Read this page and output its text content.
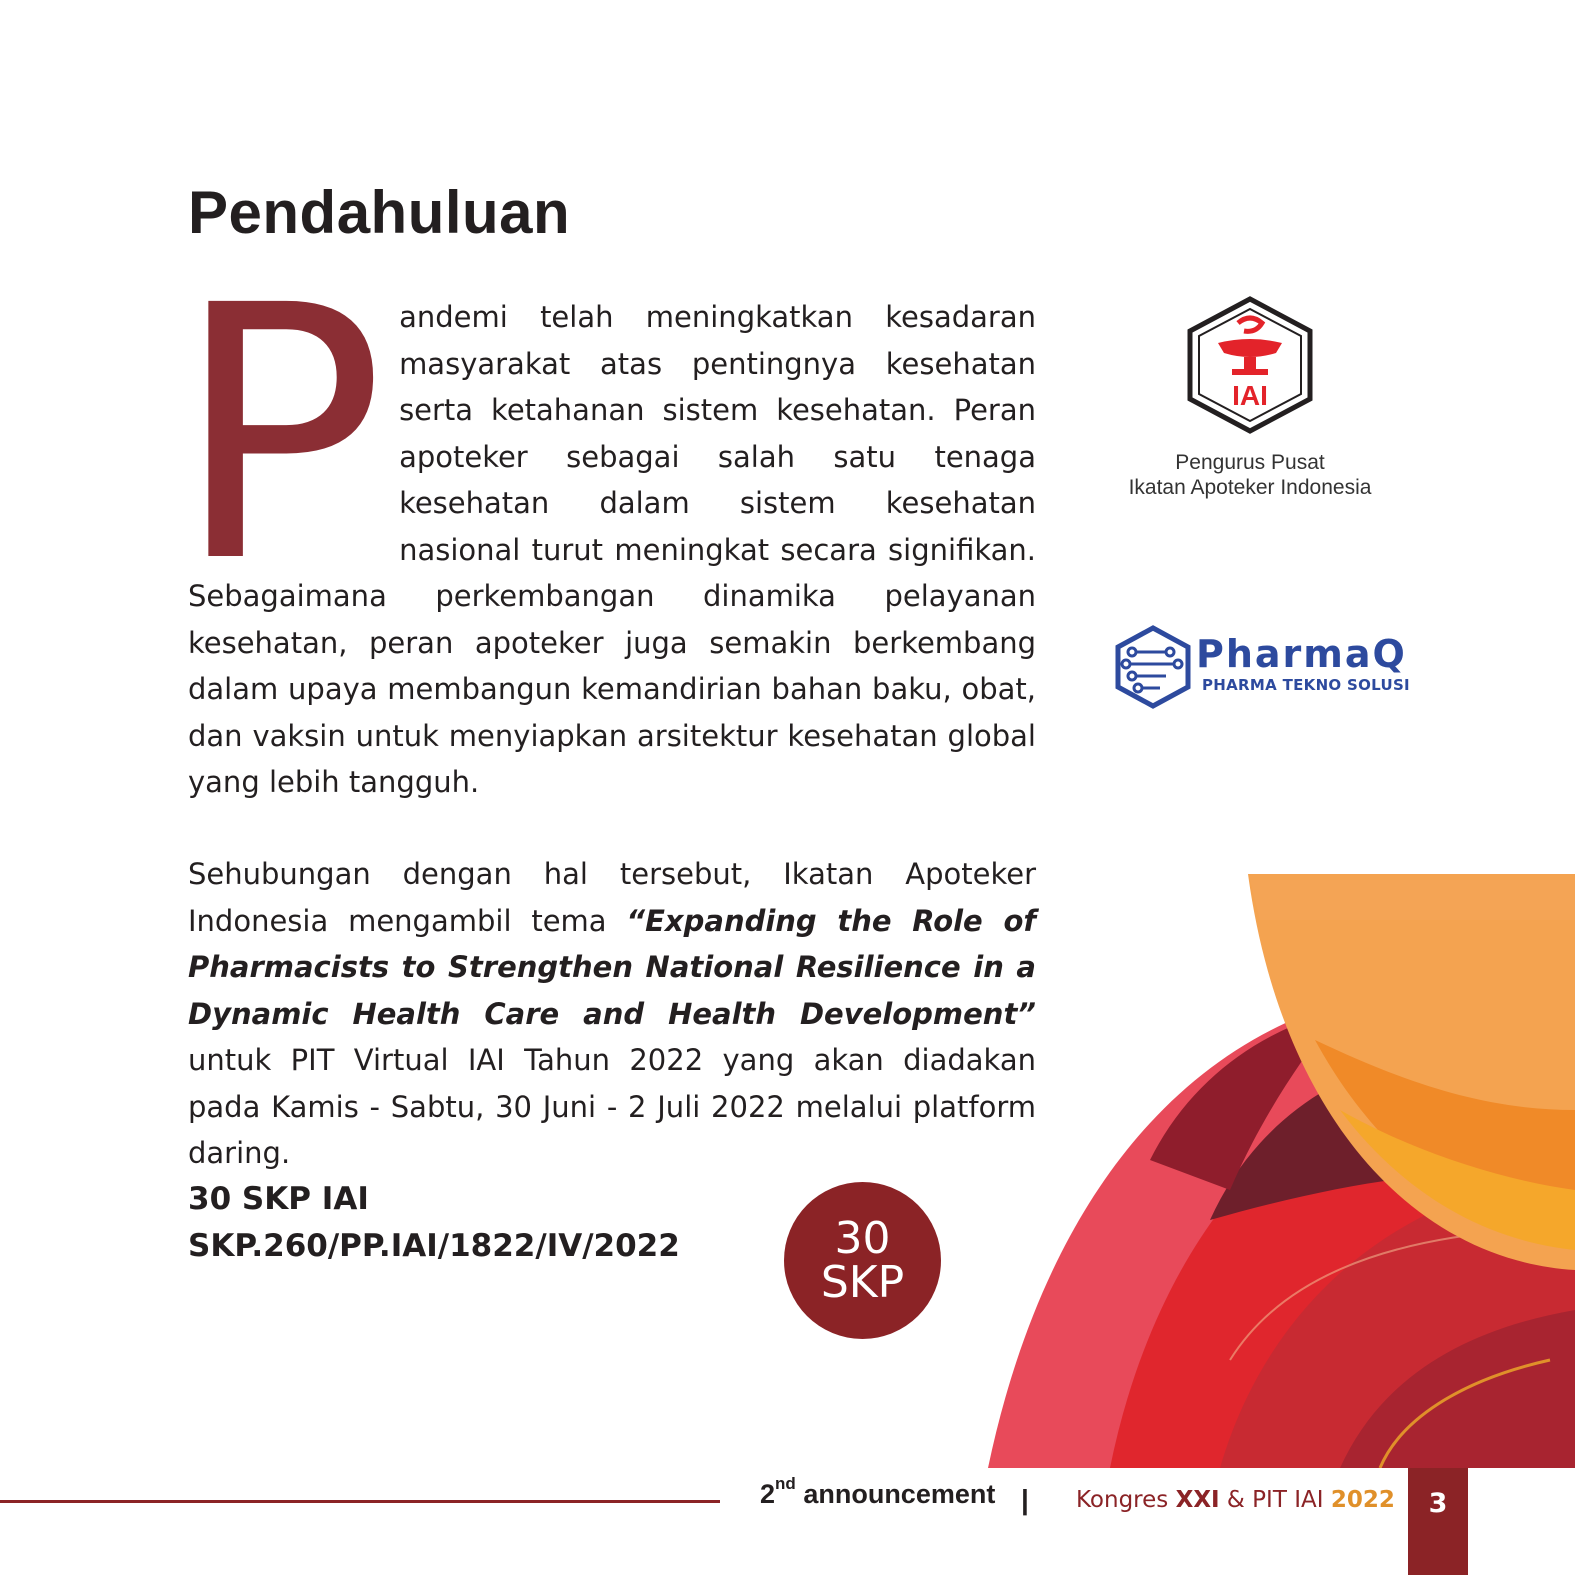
Pendahuluan

Pandemi telah meningkatkan kesadaran masyarakat atas pentingnya kesehatan serta ketahanan sistem kesehatan. Peran apoteker sebagai salah satu tenaga kesehatan dalam sistem kesehatan nasional turut meningkat secara signifikan. Sebagaimana perkembangan dinamika pelayanan kesehatan, peran apoteker juga semakin berkembang dalam upaya membangun kemandirian bahan baku, obat, dan vaksin untuk menyiapkan arsitektur kesehatan global yang lebih tangguh.

Sehubungan dengan hal tersebut, Ikatan Apoteker Indonesia mengambil tema “Expanding the Role of Pharmacists to Strengthen National Resilience in a Dynamic Health Care and Health Development” untuk PIT Virtual IAI Tahun 2022 yang akan diadakan pada Kamis - Sabtu, 30 Juni - 2 Juli 2022 melalui platform daring.

30 SKP IAI
SKP.260/PP.IAI/1822/IV/2022	30
SKP
IAI
Pengurus Pusat
Ikatan Apoteker Indonesia
PharmaQ
PHARMA TEKNO SOLUSI
2nd announcement | Kongres XXI & PIT IAI 2022	3
